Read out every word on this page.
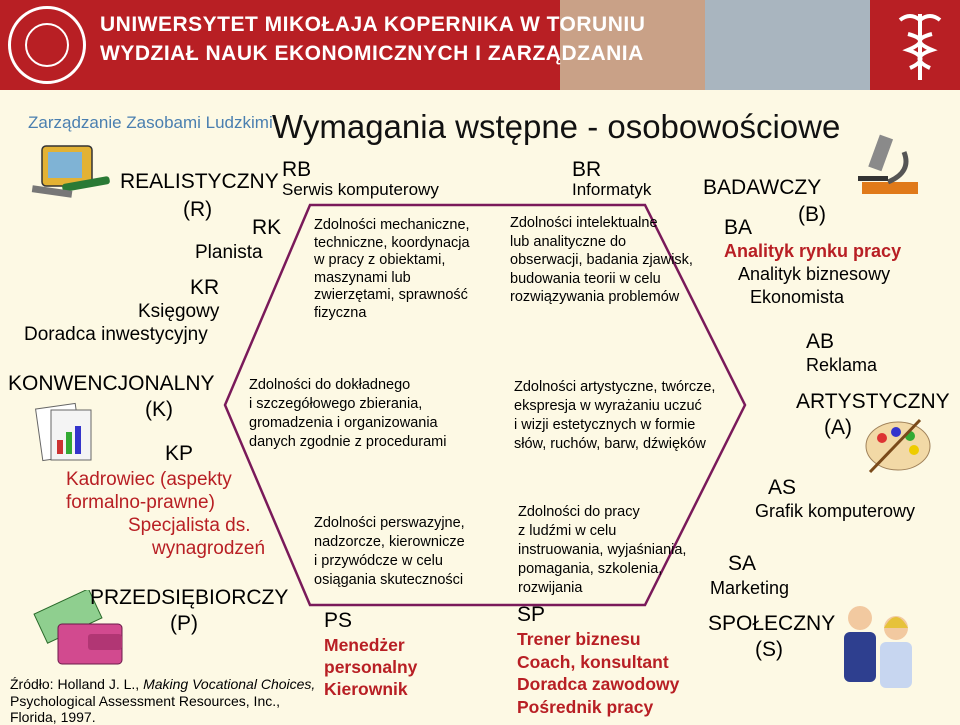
UNIWERSYTET MIKOŁAJA KOPERNIKA W TORUNIU
WYDZIAŁ NAUK EKONOMICZNYCH I ZARZĄDZANIA
Zarządzanie Zasobami Ludzkimi Wymagania wstępne - osobowościowe
REALISTYCZNY
(R)
RK
Planista
KR
Księgowy
Doradca inwestycyjny
KONWENCJONALNY
(K)
KP
Kadrowiec (aspekty
formalno-prawne)
Specjalista ds.
wynagrodzeń
PRZEDSIĘBIORCZY
(P)
Źródło: Holland J. L., Making Vocational Choices,
Psychological Assessment Resources, Inc.,
Florida, 1997.
RB
Serwis komputerowy
Zdolności mechaniczne,
techniczne, koordynacja
w pracy z obiektami,
maszynami lub
zwierzętami, sprawność
fizyczna
Zdolności do dokładnego
i szczegółowego zbierania,
gromadzenia i organizowania
danych zgodnie z procedurami
Zdolności perswazyjne,
nadzorcze, kierownicze
i przywódcze w celu
osiągania skuteczności
PS
Menedżer
personalny
Kierownik
BR
Informatyk
Zdolności intelektualne
lub analityczne do
obserwacji, badania zjawisk,
budowania teorii w celu
rozwiązywania problemów
Zdolności artystyczne, twórcze,
ekspresja w wyrażaniu uczuć
i wizji estetycznych w formie
słów, ruchów, barw, dźwięków
Zdolności do pracy
z ludźmi w celu
instruowania, wyjaśniania,
pomagania, szkolenia,
rozwijania
SP
Trener biznesu
Coach, konsultant
Doradca zawodowy
Pośrednik pracy
BADAWCZY
(B)
BA
Analityk rynku pracy
Analityk biznesowy
Ekonomista
AB
Reklama
ARTYSTYCZNY
(A)
AS
Grafik komputerowy
SA
Marketing
SPOŁECZNY
(S)
